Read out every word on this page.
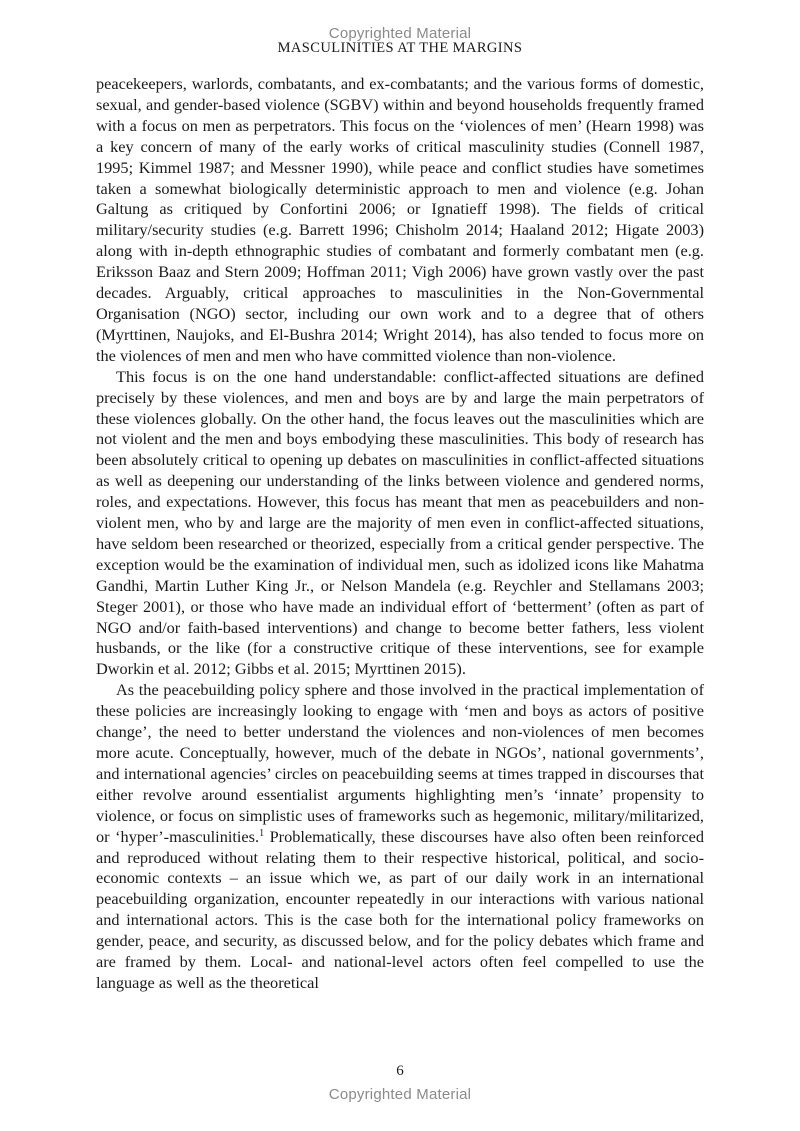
Copyrighted Material
MASCULINITIES AT THE MARGINS

peacekeepers, warlords, combatants, and ex-combatants; and the various forms of domestic, sexual, and gender-based violence (SGBV) within and beyond households frequently framed with a focus on men as perpetrators. This focus on the ‘violences of men’ (Hearn 1998) was a key concern of many of the early works of critical masculinity studies (Connell 1987, 1995; Kimmel 1987; and Messner 1990), while peace and conflict studies have sometimes taken a somewhat biologically deterministic approach to men and violence (e.g. Johan Galtung as critiqued by Confortini 2006; or Ignatieff 1998). The fields of critical military/security studies (e.g. Barrett 1996; Chisholm 2014; Haaland 2012; Higate 2003) along with in-depth ethnographic studies of combatant and formerly combatant men (e.g. Eriksson Baaz and Stern 2009; Hoffman 2011; Vigh 2006) have grown vastly over the past decades. Arguably, critical approaches to masculinities in the Non-Governmental Organisation (NGO) sector, including our own work and to a degree that of others (Myrttinen, Naujoks, and El-Bushra 2014; Wright 2014), has also tended to focus more on the violences of men and men who have committed violence than non-violence.

This focus is on the one hand understandable: conflict-affected situations are defined precisely by these violences, and men and boys are by and large the main perpetrators of these violences globally. On the other hand, the focus leaves out the masculinities which are not violent and the men and boys embodying these masculinities. This body of research has been absolutely critical to opening up debates on masculinities in conflict-affected situations as well as deepening our understanding of the links between violence and gendered norms, roles, and expectations. However, this focus has meant that men as peacebuilders and non-violent men, who by and large are the majority of men even in conflict-affected situations, have seldom been researched or theorized, especially from a critical gender perspective. The exception would be the examination of individual men, such as idolized icons like Mahatma Gandhi, Martin Luther King Jr., or Nelson Mandela (e.g. Reychler and Stellamans 2003; Steger 2001), or those who have made an individual effort of ‘betterment’ (often as part of NGO and/or faith-based interventions) and change to become better fathers, less violent husbands, or the like (for a constructive critique of these interventions, see for example Dworkin et al. 2012; Gibbs et al. 2015; Myrttinen 2015).

As the peacebuilding policy sphere and those involved in the practical implementation of these policies are increasingly looking to engage with ‘men and boys as actors of positive change’, the need to better understand the violences and non-violences of men becomes more acute. Conceptually, however, much of the debate in NGOs’, national governments’, and international agencies’ circles on peacebuilding seems at times trapped in discourses that either revolve around essentialist arguments highlighting men’s ‘innate’ propensity to violence, or focus on simplistic uses of frameworks such as hegemonic, military/militarized, or ‘hyper’-masculinities.$^1$ Problematically, these discourses have also often been reinforced and reproduced without relating them to their respective historical, political, and socio-economic contexts – an issue which we, as part of our daily work in an international peacebuilding organization, encounter repeatedly in our interactions with various national and international actors. This is the case both for the international policy frameworks on gender, peace, and security, as discussed below, and for the policy debates which frame and are framed by them. Local- and national-level actors often feel compelled to use the language as well as the theoretical

6
Copyrighted Material
